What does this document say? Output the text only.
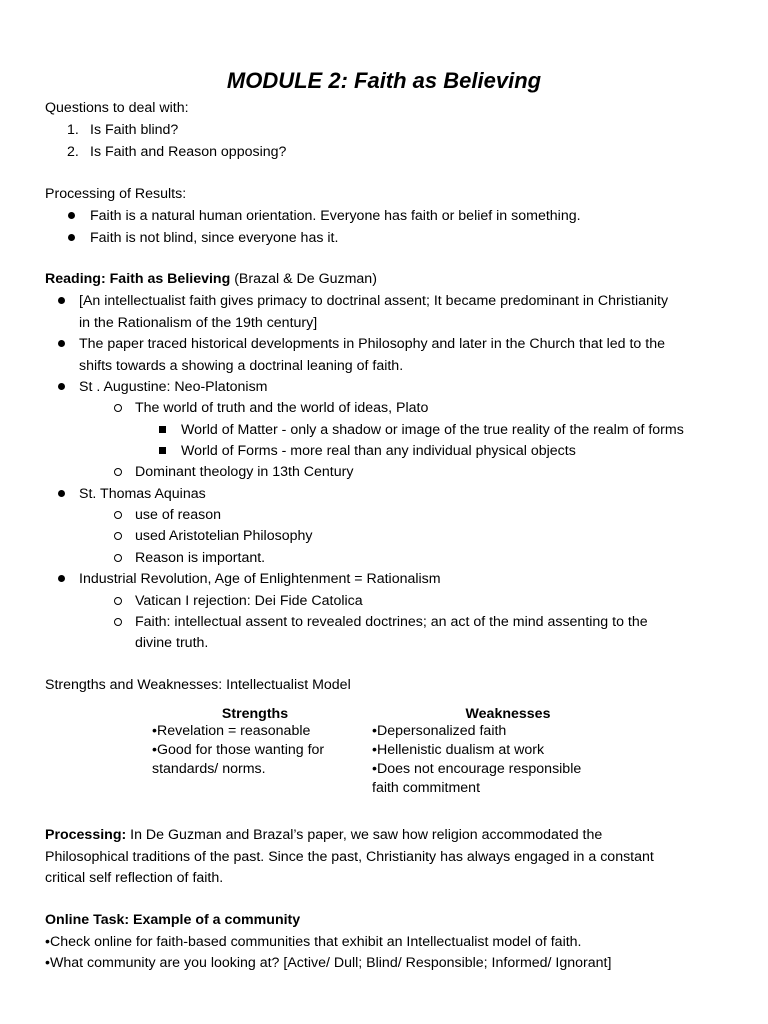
MODULE 2: Faith as Believing
Questions to deal with:
1. Is Faith blind?
2. Is Faith and Reason opposing?
Processing of Results:
Faith is a natural human orientation. Everyone has faith or belief in something.
Faith is not blind, since everyone has it.
Reading: Faith as Believing (Brazal & De Guzman)
[An intellectualist faith gives primacy to doctrinal assent; It became predominant in Christianity
in the Rationalism of the 19th century]
The paper traced historical developments in Philosophy and later in the Church that led to the
shifts towards a showing a doctrinal leaning of faith.
St . Augustine: Neo-Platonism
The world of truth and the world of ideas, Plato
World of Matter - only a shadow or image of the true reality of the realm of forms
World of Forms - more real than any individual physical objects
Dominant theology in 13th Century
St. Thomas Aquinas
use of reason
used Aristotelian Philosophy
Reason is important.
Industrial Revolution, Age of Enlightenment = Rationalism
Vatican I rejection: Dei Fide Catolica
Faith: intellectual assent to revealed doctrines; an act of the mind assenting to the
divine truth.
Strengths and Weaknesses: Intellectualist Model
Strengths	Weaknesses
•Revelation = reasonable
•Good for those wanting for
standards/ norms.
•Depersonalized faith
•Hellenistic dualism at work
•Does not encourage responsible
faith commitment
Processing: In De Guzman and Brazal’s paper, we saw how religion accommodated the
Philosophical traditions of the past. Since the past, Christianity has always engaged in a constant
critical self reflection of faith.
Online Task: Example of a community
•Check online for faith-based communities that exhibit an Intellectualist model of faith.
•What community are you looking at? [Active/ Dull; Blind/ Responsible; Informed/ Ignorant]
